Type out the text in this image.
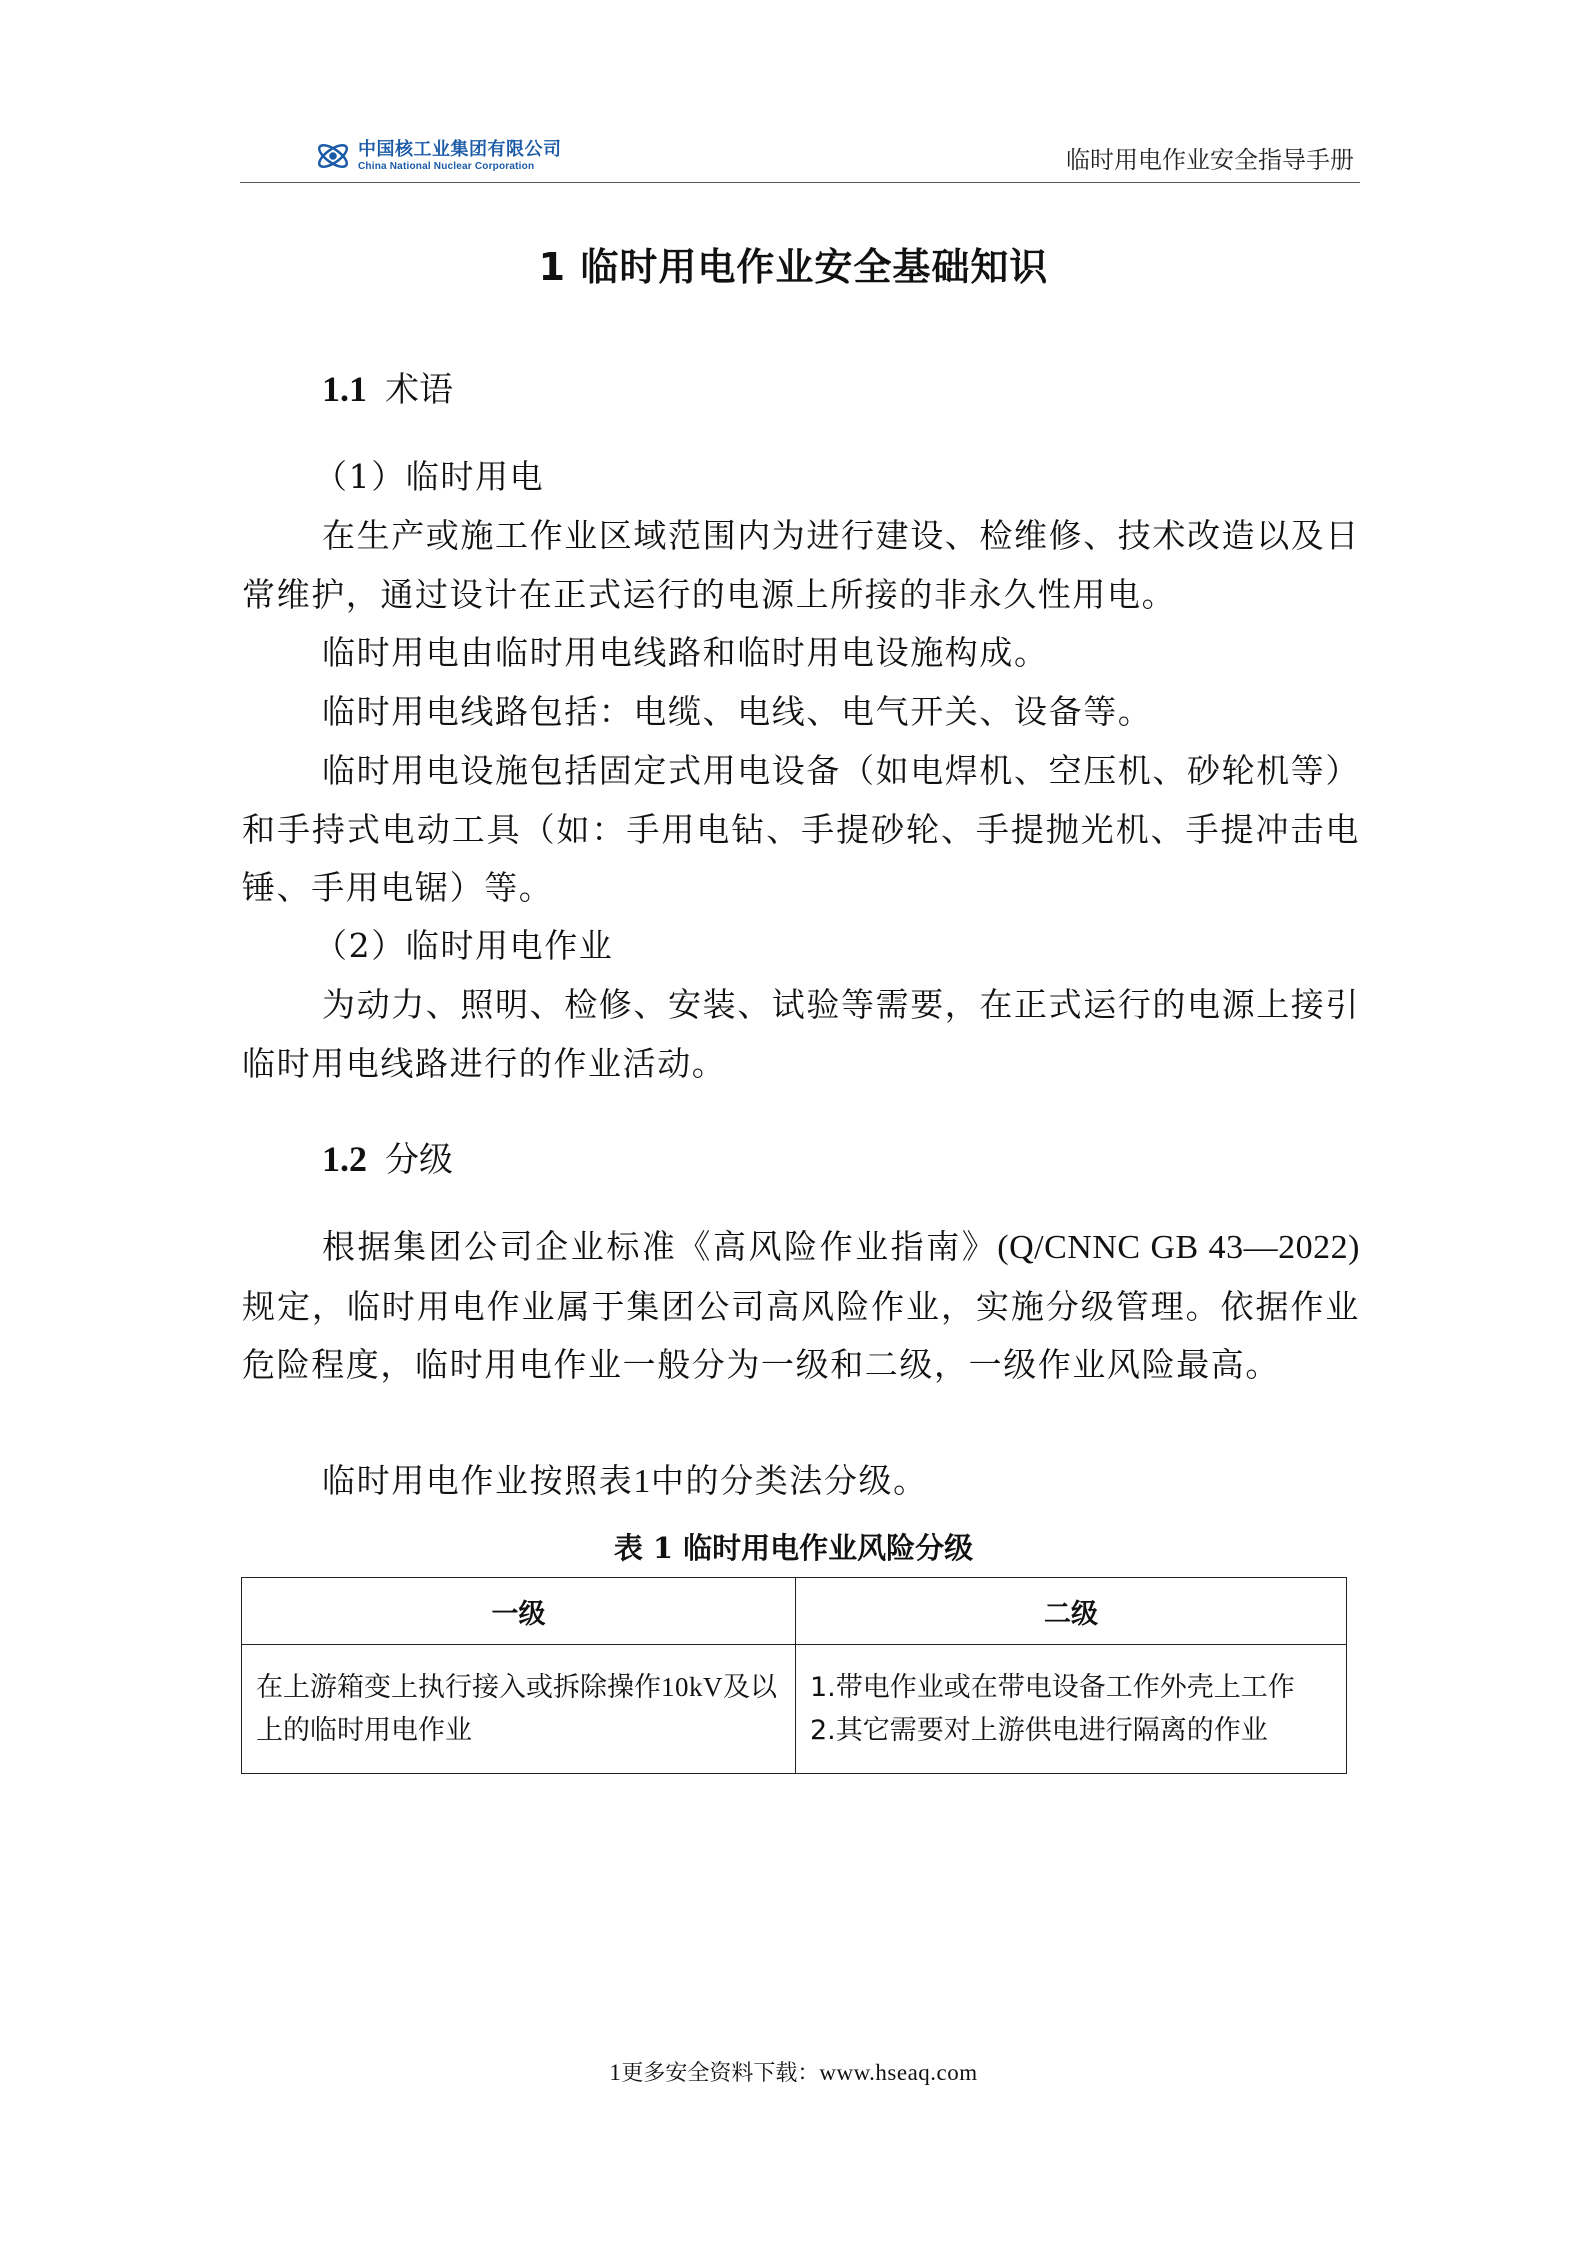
中国核工业集团有限公司
China National Nuclear Corporation	临时用电作业安全指导手册
1 临时用电作业安全基础知识
1.1 术语

（1）临时用电

在生产或施工作业区域范围内为进行建设、检维修、技术改造以及日常维护，通过设计在正式运行的电源上所接的非永久性用电。

临时用电由临时用电线路和临时用电设施构成。

临时用电线路包括：电缆、电线、电气开关、设备等。

临时用电设施包括固定式用电设备（如电焊机、空压机、砂轮机等）和手持式电动工具（如：手用电钻、手提砂轮、手提抛光机、手提冲击电锤、手用电锯）等。

（2）临时用电作业

为动力、照明、检修、安装、试验等需要，在正式运行的电源上接引临时用电线路进行的作业活动。

1.2 分级

根据集团公司企业标准《高风险作业指南》(Q/CNNC GB 43—2022)规定，临时用电作业属于集团公司高风险作业，实施分级管理。依据作业危险程度，临时用电作业一般分为一级和二级，一级作业风险最高。

临时用电作业按照表1中的分类法分级。

表 1 临时用电作业风险分级
一级	二级
在上游箱变上执行接入或拆除操作10kV及以上的临时用电作业	1.带电作业或在带电设备工作外壳上工作
2.其它需要对上游供电进行隔离的作业
1更多安全资料下载：www.hseaq.com
